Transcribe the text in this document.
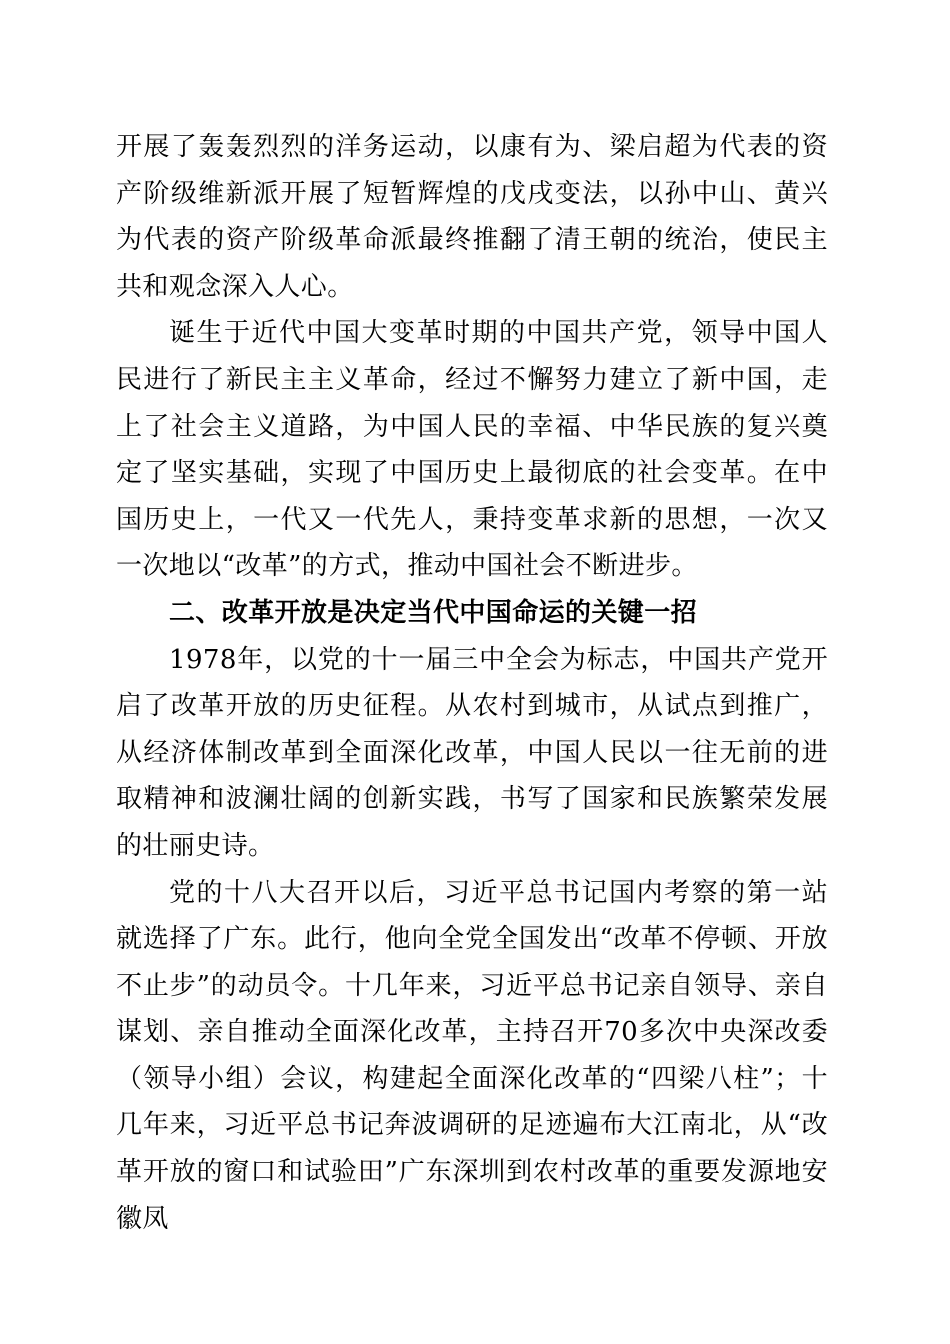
开展了轰轰烈烈的洋务运动，以康有为、梁启超为代表的资产阶级维新派开展了短暂辉煌的戊戌变法，以孙中山、黄兴为代表的资产阶级革命派最终推翻了清王朝的统治，使民主共和观念深入人心。

诞生于近代中国大变革时期的中国共产党，领导中国人民进行了新民主主义革命，经过不懈努力建立了新中国，走上了社会主义道路，为中国人民的幸福、中华民族的复兴奠定了坚实基础，实现了中国历史上最彻底的社会变革。在中国历史上，一代又一代先人，秉持变革求新的思想，一次又一次地以“改革”的方式，推动中国社会不断进步。

二、改革开放是决定当代中国命运的关键一招

1978年，以党的十一届三中全会为标志，中国共产党开启了改革开放的历史征程。从农村到城市，从试点到推广，从经济体制改革到全面深化改革，中国人民以一往无前的进取精神和波澜壮阔的创新实践，书写了国家和民族繁荣发展的壮丽史诗。

党的十八大召开以后，习近平总书记国内考察的第一站就选择了广东。此行，他向全党全国发出“改革不停顿、开放不止步”的动员令。十几年来，习近平总书记亲自领导、亲自谋划、亲自推动全面深化改革，主持召开70多次中央深改委（领导小组）会议，构建起全面深化改革的“四梁八柱”；十几年来，习近平总书记奔波调研的足迹遍布大江南北，从“改革开放的窗口和试验田”广东深圳到农村改革的重要发源地安徽凤
